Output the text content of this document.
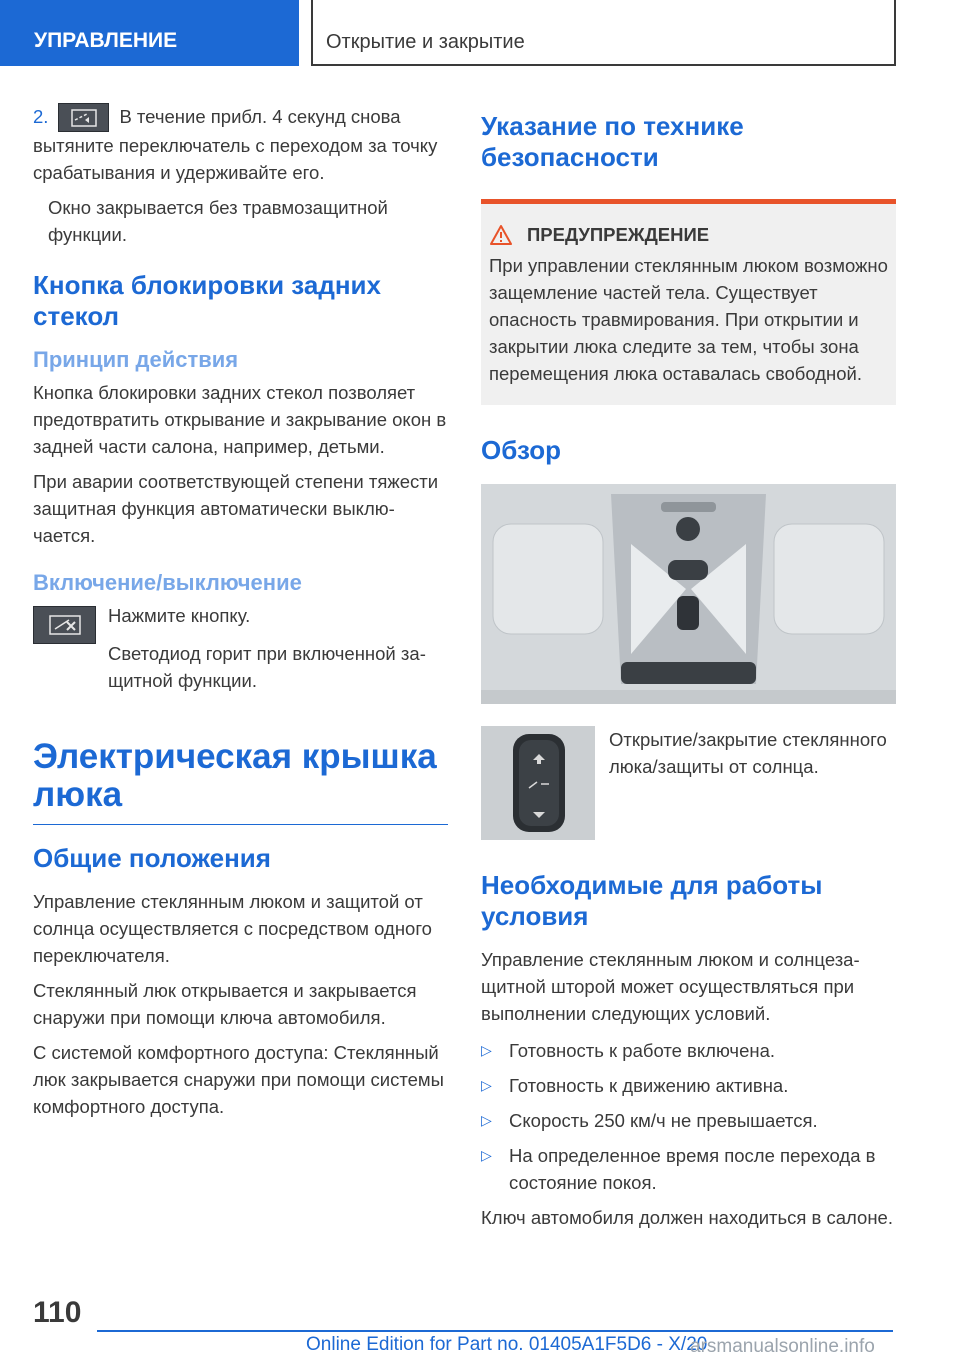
УПРАВЛЕНИЕ	Открытие и закрытие

2.	В течение прибл. 4 секунд снова вытяните переключатель с переходом за точку срабатывания и удерживайте его.

Окно закрывается без травмозащитной функции.

Кнопка блокировки задних стекол
Принцип действия

Кнопка блокировки задних стекол позволяет предотвратить открывание и закрывание окон в задней части салона, например, детьми.

При аварии соответствующей степени тяжести защитная функция автоматически выключается.

Включение/выключение

Нажмите кнопку.

Светодиод горит при включенной защитной функции.

Электрическая крышка люка
Общие положения

Управление стеклянным люком и защитой от солнца осуществляется с посредством одного переключателя.

Стеклянный люк открывается и закрывается снаружи при помощи ключа автомобиля.

С системой комфортного доступа: Стеклянный люк закрывается снаружи при помощи системы комфортного доступа.

Указание по технике безопасности
ПРЕДУПРЕЖДЕНИЕ

При управлении стеклянным люком возможно защемление частей тела. Существует опасность травмирования. При открытии и закрытии люка следите за тем, чтобы зона перемещения люка оставалась свободной.

Обзор

Открытие/закрытие стеклянного люка/защиты от солнца.

Необходимые для работы условия

Управление стеклянным люком и солнцезащитной шторой может осуществляться при выполнении следующих условий.

▷ Готовность к работе включена.
▷ Готовность к движению активна.
▷ Скорость 250 км/ч не превышается.
▷ На определенное время после перехода в состояние покоя.

Ключ автомобиля должен находиться в салоне.

110
Online Edition for Part no. 01405A1F5D6 - X/20
arsmanualsonline.info
